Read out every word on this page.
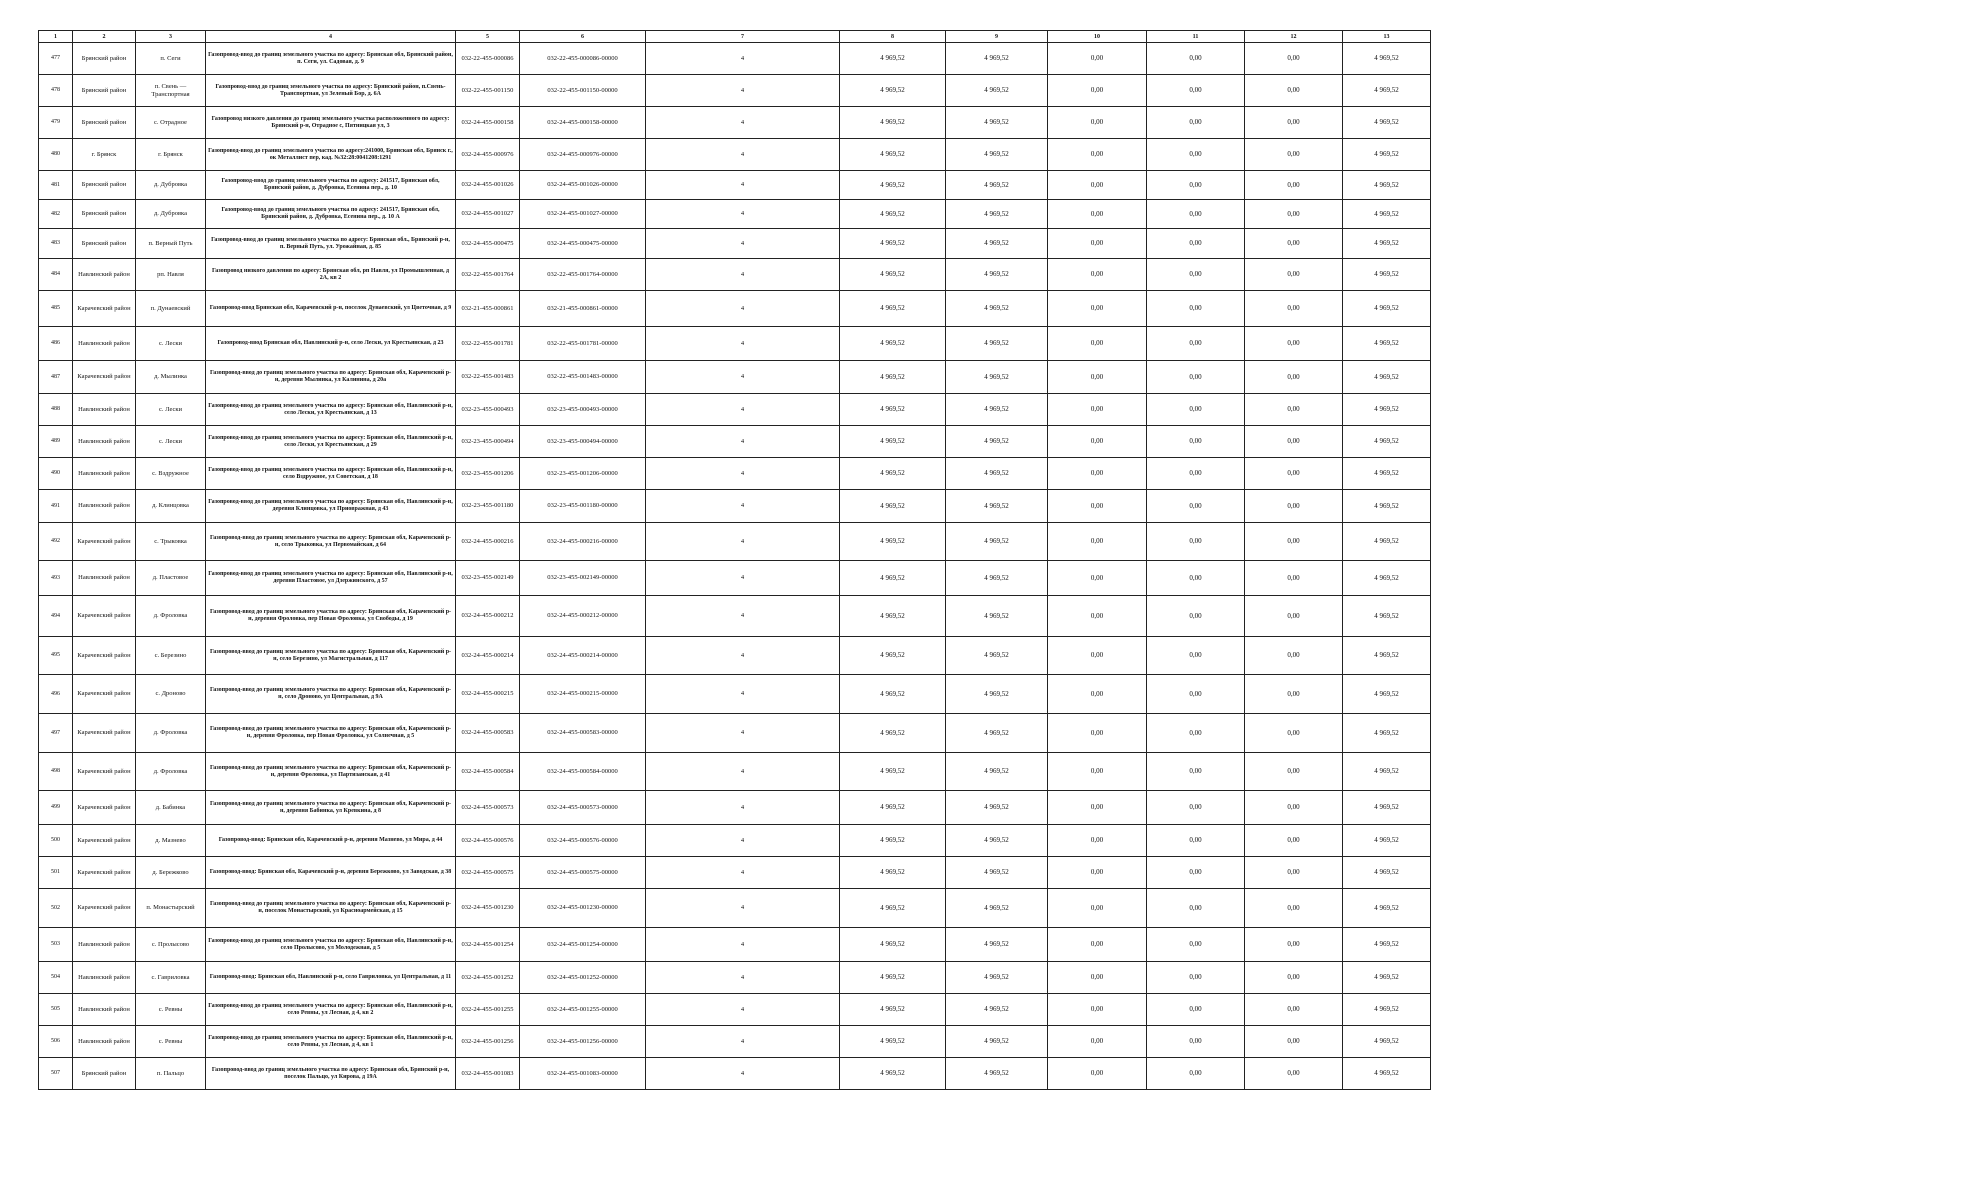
1	2	3	4	5	6	7	8	9	10	11	12	13
477	Брянский район	п. Сеги	Газопровод-ввод до границ земельного участка по адресу: Брянская обл, Брянский район, п. Сеги, ул. Садовая, д. 9	032-22-455-000086	032-22-455-000086-00000	4	4 969,52	4 969,52	0,00	0,00	0,00	4 969,52
478	Брянский район	п. Свень — Транспортная	Газопровод-ввод до границ земельного участка по адресу: Брянский район, п.Свень-Транспортная, ул Зеленый Бор, д. 6А	032-22-455-001150	032-22-455-001150-00000	4	4 969,52	4 969,52	0,00	0,00	0,00	4 969,52
479	Брянский район	с. Отрадное	Газопровод низкого давления до границ земельного участка расположенного по адресу: Брянский р-н, Отрадное с, Пятницкая ул, 3	032-24-455-000158	032-24-455-000158-00000	4	4 969,52	4 969,52	0,00	0,00	0,00	4 969,52
480	г. Брянск	г. Брянск	Газопровод-ввод до границ земельного участка по адресу:241000, Брянская обл, Брянск г., ок Металлист пер, кад. №32:28:0041208:1291	032-24-455-000976	032-24-455-000976-00000	4	4 969,52	4 969,52	0,00	0,00	0,00	4 969,52
481	Брянский район	д. Дубровка	Газопровод-ввод до границ земельного участка по адресу: 241517, Брянская обл, Брянский район, д. Дубровка, Есенина пер., д. 10	032-24-455-001026	032-24-455-001026-00000	4	4 969,52	4 969,52	0,00	0,00	0,00	4 969,52
482	Брянский район	д. Дубровка	Газопровод-ввод до границ земельного участка по адресу: 241517, Брянская обл, Брянский район, д. Дубровка, Есенина пер., д. 10 А	032-24-455-001027	032-24-455-001027-00000	4	4 969,52	4 969,52	0,00	0,00	0,00	4 969,52
483	Брянский район	п. Верный Путь	Газопровод-ввод до границ земельного участка по адресу: Брянская обл., Брянский р-н, п. Верный Путь, ул. Урожайная, д. 85	032-24-455-000475	032-24-455-000475-00000	4	4 969,52	4 969,52	0,00	0,00	0,00	4 969,52
484	Навлинский район	рп. Навля	Газопровод низкого давления по адресу: Брянская обл, рп Навля, ул Промышленная, д 2А, кв 2	032-22-455-001764	032-22-455-001764-00000	4	4 969,52	4 969,52	0,00	0,00	0,00	4 969,52
485	Карачевский район	п. Дунаевский	Газопровод-ввод Брянская обл, Карачевский р-н, поселок Дунаевский, ул Цветочная, д 9	032-21-455-000861	032-21-455-000861-00000	4	4 969,52	4 969,52	0,00	0,00	0,00	4 969,52
486	Навлинский район	с. Лески	Газопровод-ввод Брянская обл, Навлинский р-н, село Лески, ул Крестьянская, д 23	032-22-455-001781	032-22-455-001781-00000	4	4 969,52	4 969,52	0,00	0,00	0,00	4 969,52
487	Карачевский район	д. Мылинка	Газопровод-ввод до границ земельного участка по адресу: Брянская обл, Карачевский р-н, деревня Мылинка, ул Калинина, д 20а	032-22-455-001483	032-22-455-001483-00000	4	4 969,52	4 969,52	0,00	0,00	0,00	4 969,52
488	Навлинский район	с. Лески	Газопровод-ввод до границ земельного участка по адресу: Брянская обл, Навлинский р-н, село Лески, ул Крестьянская, д 13	032-23-455-000493	032-23-455-000493-00000	4	4 969,52	4 969,52	0,00	0,00	0,00	4 969,52
489	Навлинский район	с. Лески	Газопровод-ввод до границ земельного участка по адресу: Брянская обл, Навлинский р-н, село Лески, ул Крестьянская, д 29	032-23-455-000494	032-23-455-000494-00000	4	4 969,52	4 969,52	0,00	0,00	0,00	4 969,52
490	Навлинский район	с. Вздружное	Газопровод-ввод до границ земельного участка по адресу: Брянская обл, Навлинский р-н, село Вздружное, ул Советская, д 18	032-23-455-001206	032-23-455-001206-00000	4	4 969,52	4 969,52	0,00	0,00	0,00	4 969,52
491	Навлинский район	д. Клинцовка	Газопровод-ввод до границ земельного участка по адресу: Брянская обл, Навлинский р-н, деревня Клинцовка, ул Приовражная, д 43	032-23-455-001180	032-23-455-001180-00000	4	4 969,52	4 969,52	0,00	0,00	0,00	4 969,52
492	Карачевский район	с. Трыковка	Газопровод-ввод до границ земельного участка по адресу: Брянская обл, Карачевский р-н, село Трыковка, ул Первомайская, д 64	032-24-455-000216	032-24-455-000216-00000	4	4 969,52	4 969,52	0,00	0,00	0,00	4 969,52
493	Навлинский район	д. Пластовое	Газопровод-ввод до границ земельного участка по адресу: Брянская обл, Навлинский р-н, деревня Пластовое, ул Дзержинского, д 57	032-23-455-002149	032-23-455-002149-00000	4	4 969,52	4 969,52	0,00	0,00	0,00	4 969,52
494	Карачевский район	д. Фроловка	Газопровод-ввод до границ земельного участка по адресу: Брянская обл, Карачевский р-н, деревня Фроловка, пер Новая Фроловка, ул Свободы, д 19	032-24-455-000212	032-24-455-000212-00000	4	4 969,52	4 969,52	0,00	0,00	0,00	4 969,52
495	Карачевский район	с. Березино	Газопровод-ввод до границ земельного участка по адресу: Брянская обл, Карачевский р-н, село Березино, ул Магистральная, д 117	032-24-455-000214	032-24-455-000214-00000	4	4 969,52	4 969,52	0,00	0,00	0,00	4 969,52
496	Карачевский район	с. Дроново	Газопровод-ввод до границ земельного участка по адресу: Брянская обл, Карачевский р-н, село Дроново, ул Центральная, д 9А	032-24-455-000215	032-24-455-000215-00000	4	4 969,52	4 969,52	0,00	0,00	0,00	4 969,52
497	Карачевский район	д. Фроловка	Газопровод-ввод до границ земельного участка по адресу: Брянская обл, Карачевский р-н, деревня Фроловка, пер Новая Фроловка, ул Солнечная, д 5	032-24-455-000583	032-24-455-000583-00000	4	4 969,52	4 969,52	0,00	0,00	0,00	4 969,52
498	Карачевский район	д. Фроловка	Газопровод-ввод до границ земельного участка по адресу: Брянская обл, Карачевский р-н, деревня Фроловка, ул Партизанская, д 41	032-24-455-000584	032-24-455-000584-00000	4	4 969,52	4 969,52	0,00	0,00	0,00	4 969,52
499	Карачевский район	д. Бабинка	Газопровод-ввод до границ земельного участка по адресу: Брянская обл, Карачевский р-н, деревня Бабинка, ул Кревкина, д 8	032-24-455-000573	032-24-455-000573-00000	4	4 969,52	4 969,52	0,00	0,00	0,00	4 969,52
500	Карачевский район	д. Мазнево	Газопровод-ввод: Брянская обл, Карачевский р-н, деревня Мазнево, ул Мира, д 44	032-24-455-000576	032-24-455-000576-00000	4	4 969,52	4 969,52	0,00	0,00	0,00	4 969,52
501	Карачевский район	д. Бережково	Газопровод-ввод: Брянская обл, Карачевский р-н, деревня Бережково, ул Заводская, д 38	032-24-455-000575	032-24-455-000575-00000	4	4 969,52	4 969,52	0,00	0,00	0,00	4 969,52
502	Карачевский район	п. Монастырский	Газопровод-ввод до границ земельного участка по адресу: Брянская обл, Карачевский р-н, поселок Монастырский, ул Красноармейская, д 15	032-24-455-001230	032-24-455-001230-00000	4	4 969,52	4 969,52	0,00	0,00	0,00	4 969,52
503	Навлинский район	с. Пролысово	Газопровод-ввод до границ земельного участка по адресу: Брянская обл, Навлинский р-н, село Пролысово, ул Молодежная, д 5	032-24-455-001254	032-24-455-001254-00000	4	4 969,52	4 969,52	0,00	0,00	0,00	4 969,52
504	Навлинский район	с. Гавриловка	Газопровод-ввод: Брянская обл, Навлинский р-н, село Гавриловка, ул Центральная, д 11	032-24-455-001252	032-24-455-001252-00000	4	4 969,52	4 969,52	0,00	0,00	0,00	4 969,52
505	Навлинский район	с. Ревны	Газопровод-ввод до границ земельного участка по адресу: Брянская обл, Навлинский р-н, село Ревны, ул Лесная, д 4, кв 2	032-24-455-001255	032-24-455-001255-00000	4	4 969,52	4 969,52	0,00	0,00	0,00	4 969,52
506	Навлинский район	с. Ревны	Газопровод-ввод до границ земельного участка по адресу: Брянская обл, Навлинский р-н, село Ревны, ул Лесная, д 4, кв 1	032-24-455-001256	032-24-455-001256-00000	4	4 969,52	4 969,52	0,00	0,00	0,00	4 969,52
507	Брянский район	п. Пальцо	Газопровод-ввод до границ земельного участка по адресу: Брянская обл, Брянский р-н, поселок Пальцо, ул Кирова, д 19А	032-24-455-001083	032-24-455-001083-00000	4	4 969,52	4 969,52	0,00	0,00	0,00	4 969,52
